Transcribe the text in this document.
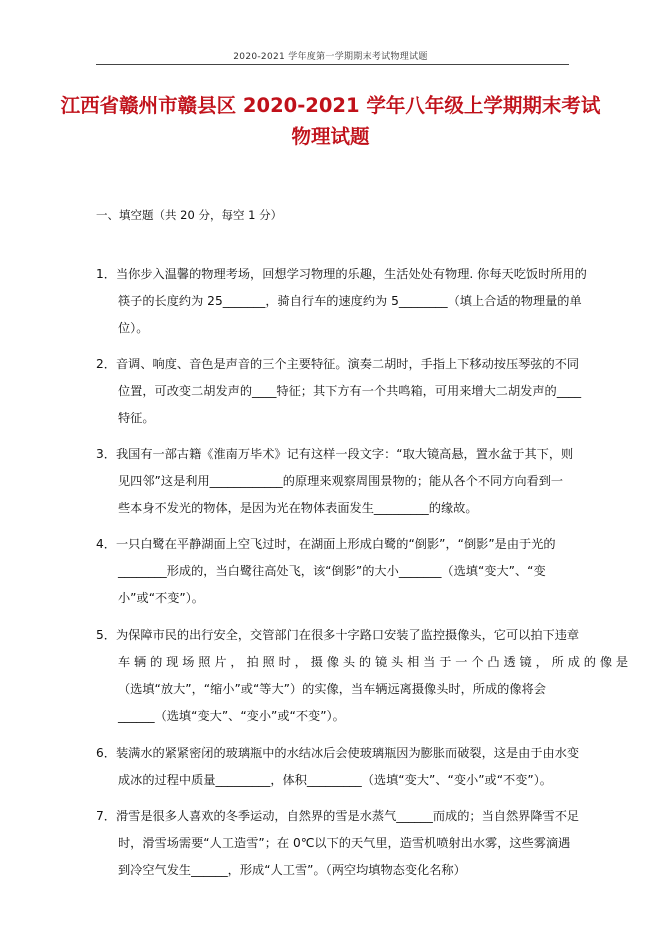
2020-2021 学年度第一学期期末考试物理试题
江西省赣州市赣县区 2020-2021 学年八年级上学期期末考试
物理试题
一、填空题（共 20 分，每空 1 分）
1．当你步入温馨的物理考场，回想学习物理的乐趣，生活处处有物理. 你每天吃饭时所用的
筷子的长度约为 25_______，骑自行车的速度约为 5________（填上合适的物理量的单
位）。
2．音调、响度、音色是声音的三个主要特征。演奏二胡时，手指上下移动按压琴弦的不同
位置，可改变二胡发声的____特征；其下方有一个共鸣箱，可用来增大二胡发声的____
特征。
3．我国有一部古籍《淮南万毕术》记有这样一段文字：“取大镜高悬，置水盆于其下，则
见四邻”这是利用____________的原理来观察周围景物的；能从各个不同方向看到一
些本身不发光的物体，是因为光在物体表面发生_________的缘故。
4．一只白鹭在平静湖面上空飞过时，在湖面上形成白鹭的“倒影”，“倒影”是由于光的
________形成的，当白鹭往高处飞，该“倒影”的大小_______（选填“变大”、“变
小”或“不变”）。
5．为保障市民的出行安全，交管部门在很多十字路口安装了监控摄像头，它可以拍下违章
车 辆 的 现 场 照 片 ， 拍 照 时 ， 摄 像 头 的 镜 头 相 当 于 一 个 凸 透 镜 ， 所 成 的 像 是
（选填“放大”，“缩小”或“等大”）的实像，当车辆远离摄像头时，所成的像将会
______（选填“变大”、“变小”或“不变”）。
6．装满水的紧紧密闭的玻璃瓶中的水结冰后会使玻璃瓶因为膨胀而破裂，这是由于由水变
成冰的过程中质量_________，体积_________（选填“变大”、“变小”或“不变”）。
7．滑雪是很多人喜欢的冬季运动，自然界的雪是水蒸气______而成的；当自然界降雪不足
时，滑雪场需要“人工造雪”；在 0℃以下的天气里，造雪机喷射出水雾，这些雾滴遇
到冷空气发生______，形成“人工雪”。（两空均填物态变化名称）
